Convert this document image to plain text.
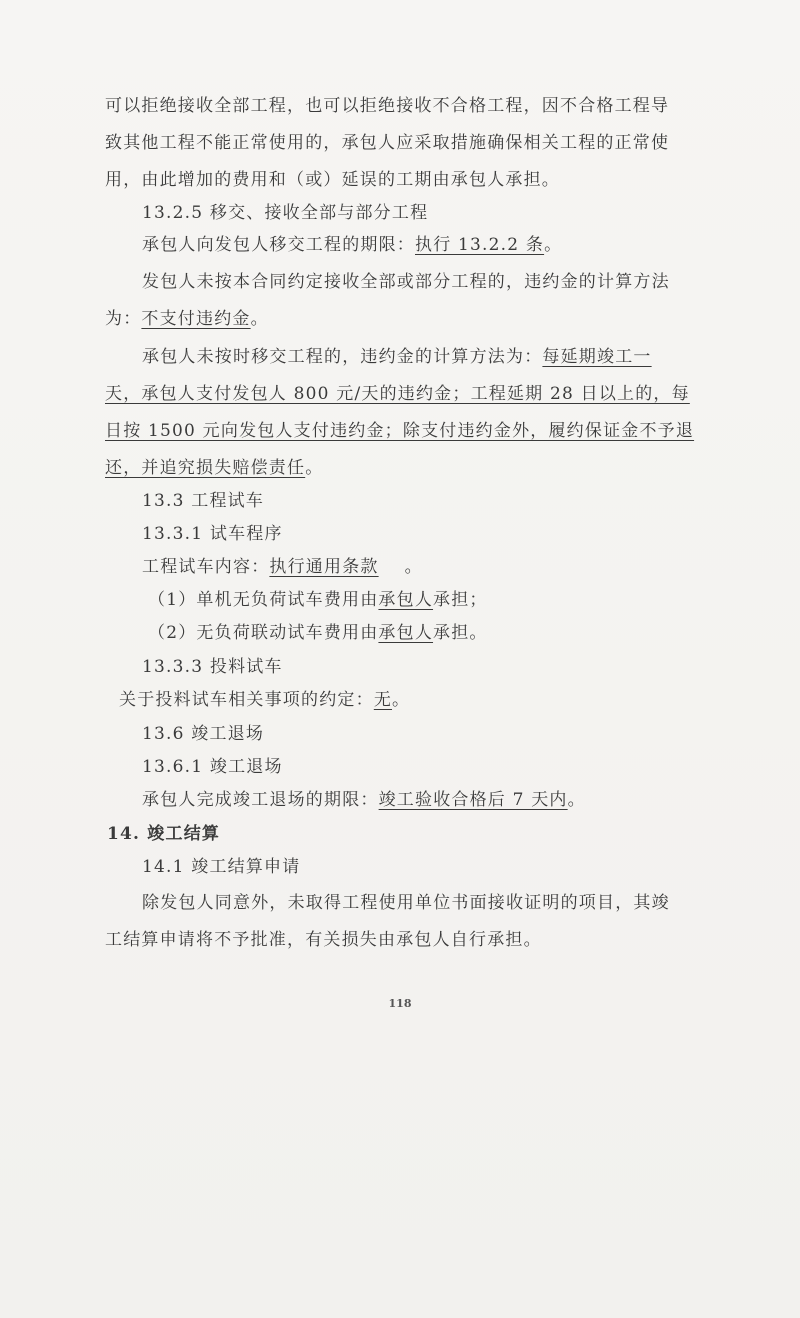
可以拒绝接收全部工程，也可以拒绝接收不合格工程，因不合格工程导
致其他工程不能正常使用的，承包人应采取措施确保相关工程的正常使
用，由此增加的费用和（或）延误的工期由承包人承担。
13.2.5 移交、接收全部与部分工程
承包人向发包人移交工程的期限：执行 13.2.2 条。
发包人未按本合同约定接收全部或部分工程的，违约金的计算方法
为：不支付违约金。
承包人未按时移交工程的，违约金的计算方法为：每延期竣工一
天，承包人支付发包人 800 元/天的违约金；工程延期 28 日以上的，每
日按 1500 元向发包人支付违约金；除支付违约金外，履约保证金不予退
还，并追究损失赔偿责任。
13.3 工程试车
13.3.1 试车程序
工程试车内容：执行通用条款 。
（1）单机无负荷试车费用由承包人承担；
（2）无负荷联动试车费用由承包人承担。
13.3.3 投料试车
关于投料试车相关事项的约定：无。
13.6 竣工退场
13.6.1 竣工退场
承包人完成竣工退场的期限：竣工验收合格后 7 天内。
14. 竣工结算
14.1 竣工结算申请
除发包人同意外，未取得工程使用单位书面接收证明的项目，其竣
工结算申请将不予批准，有关损失由承包人自行承担。
118
